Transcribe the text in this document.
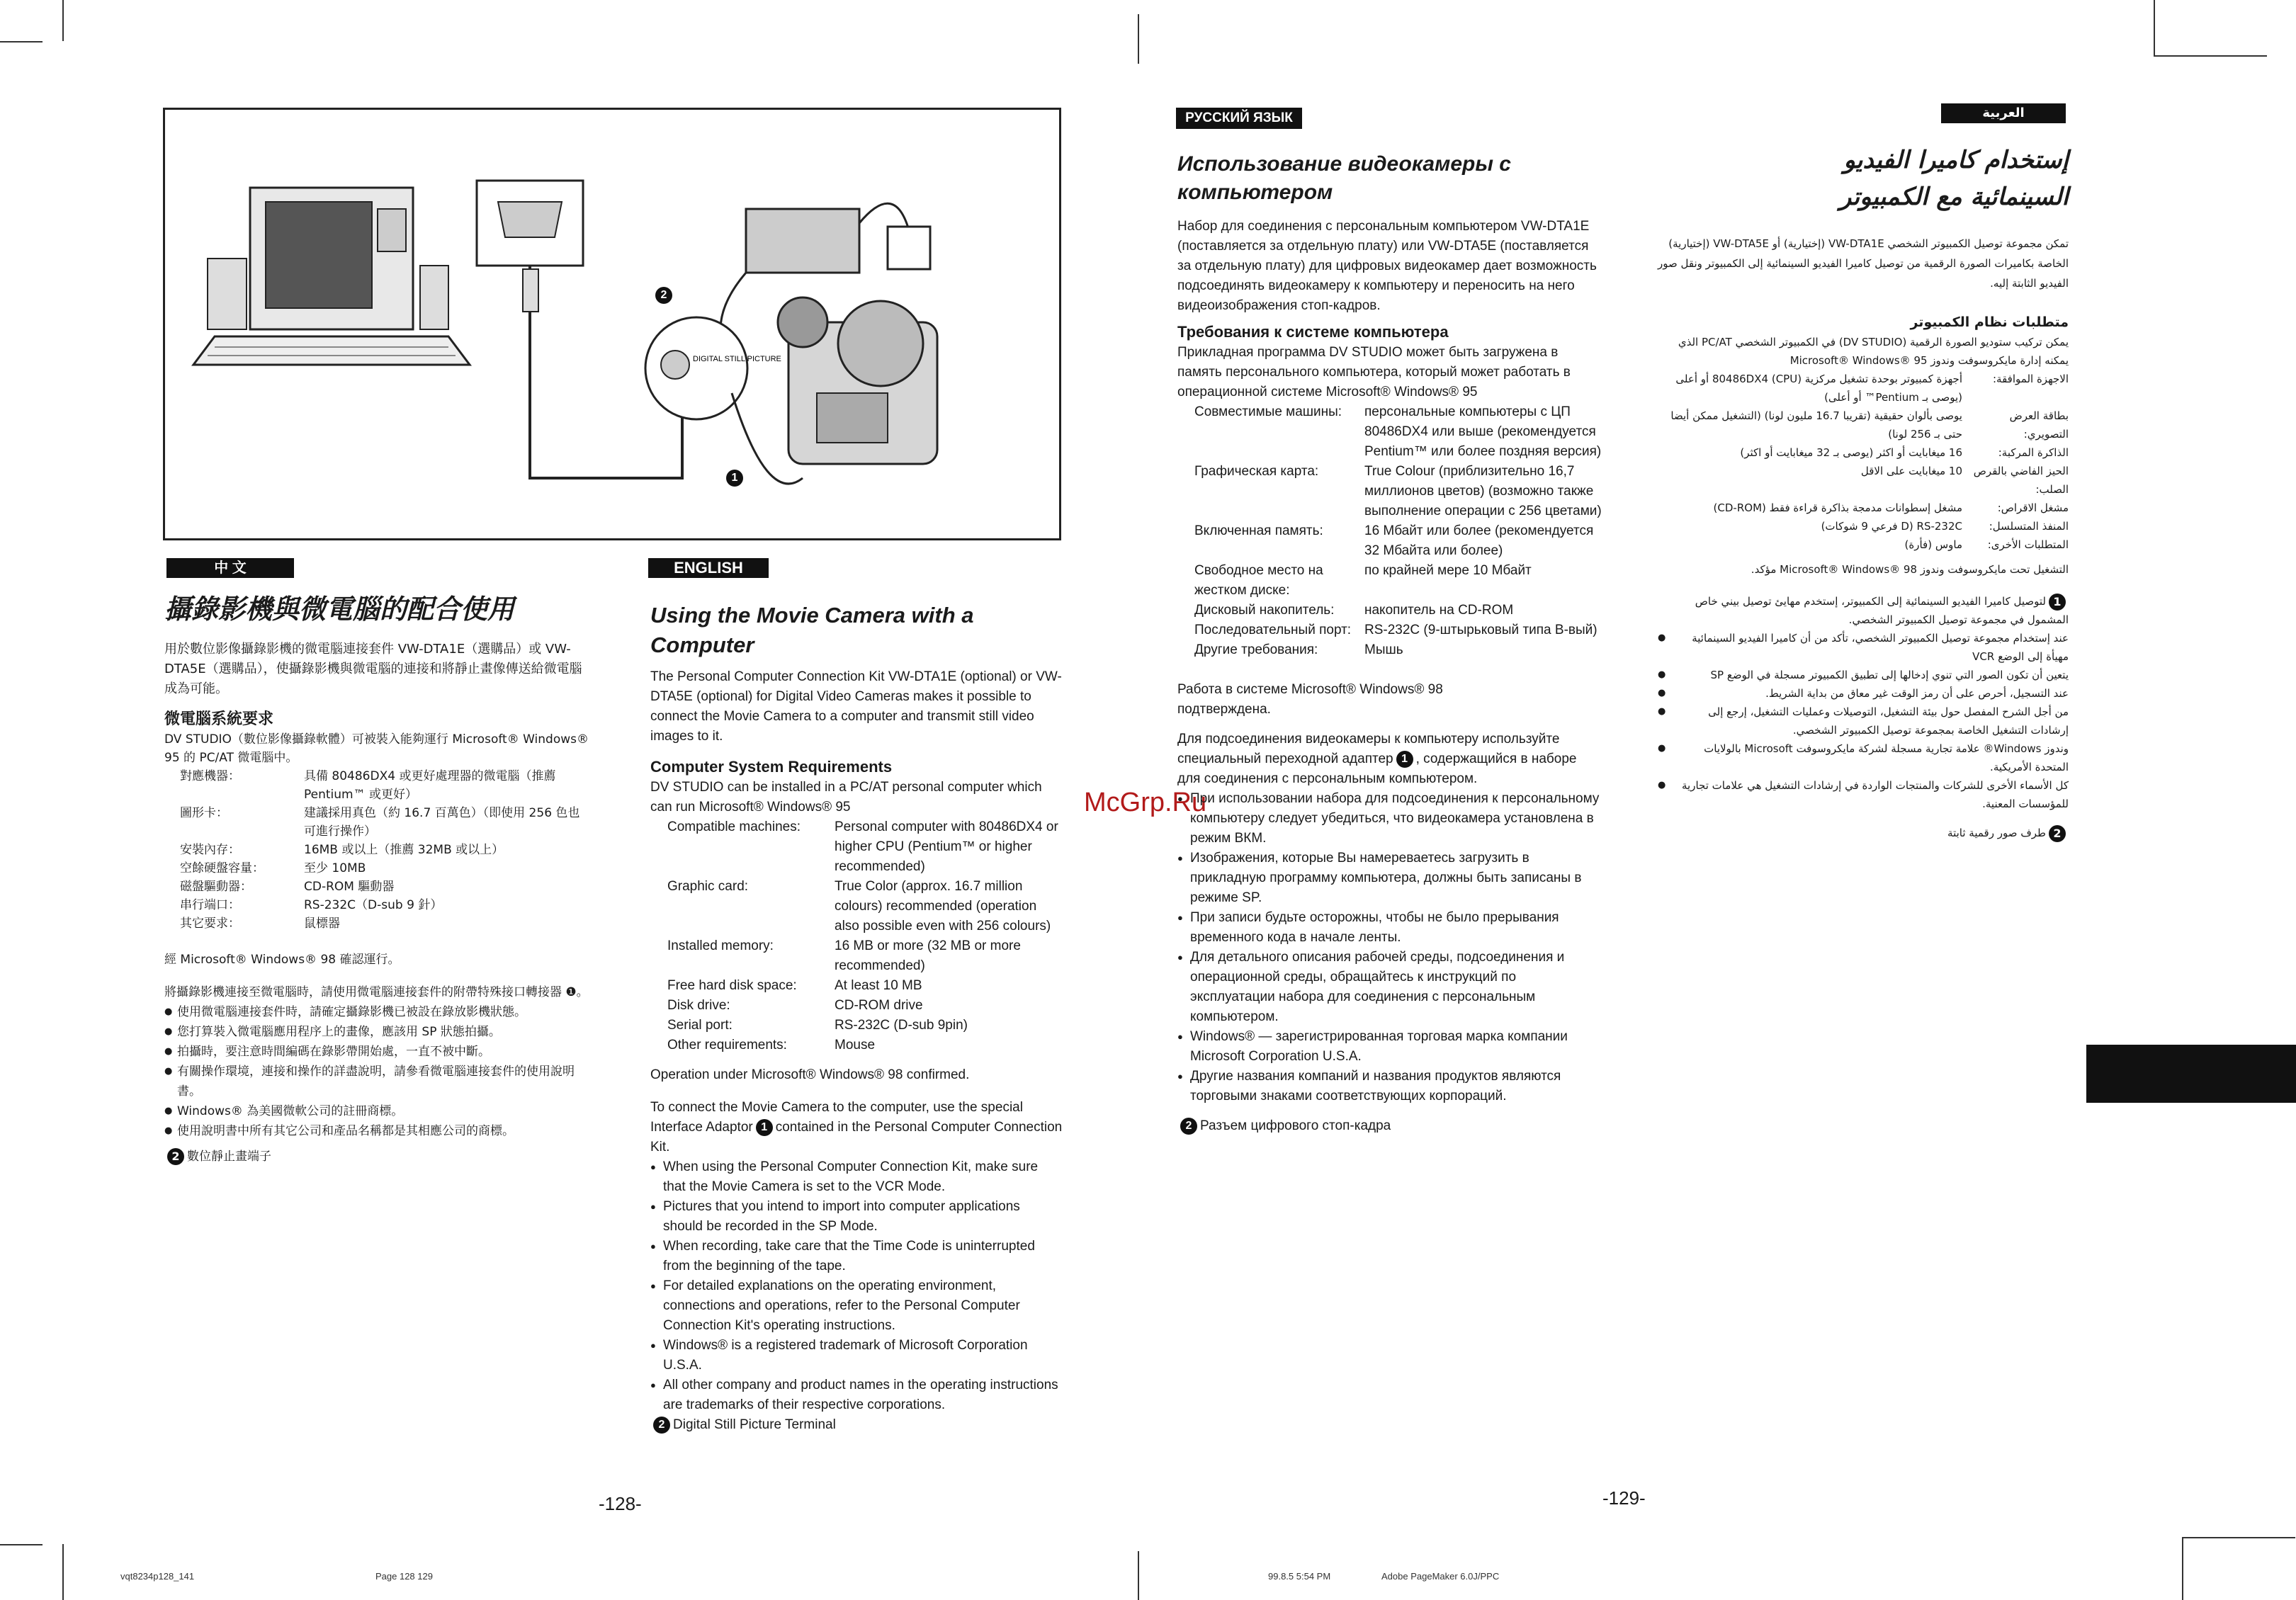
DIGITAL STILL PICTURE
1
2
McGrp.Ru
中 文
攝錄影機與微電腦的配合使用

用於數位影像攝錄影機的微電腦連接套件 VW-DTA1E（選購品）或 VW-DTA5E（選購品），使攝錄影機與微電腦的連接和將靜止畫像傳送給微電腦成為可能。

微電腦系統要求

DV STUDIO（數位影像攝錄軟體）可被裝入能夠運行 Microsoft® Windows® 95 的 PC/AT 微電腦中。

對應機器：	具備 80486DX4 或更好處理器的微電腦（推薦 Pentium™ 或更好）
圖形卡：	建議採用真色（約 16.7 百萬色）（即使用 256 色也可進行操作）
安裝內存：	16MB 或以上（推薦 32MB 或以上）
空餘硬盤容量：	至少 10MB
磁盤驅動器：	CD-ROM 驅動器
串行端口：	RS-232C（D-sub 9 針）
其它要求：	鼠標器

經 Microsoft® Windows® 98 確認運行。

將攝錄影機連接至微電腦時，請使用微電腦連接套件的附帶特殊接口轉接器 ❶。

● 使用微電腦連接套件時，請確定攝錄影機已被設在錄放影機狀態。
● 您打算裝入微電腦應用程序上的畫像，應該用 SP 狀態拍攝。
● 拍攝時，要注意時間編碼在錄影帶開始處，一直不被中斷。
● 有關操作環境，連接和操作的詳盡說明，請參看微電腦連接套件的使用說明書。
● Windows® 為美國微軟公司的註冊商標。
● 使用說明書中所有其它公司和產品名稱都是其相應公司的商標。

2 數位靜止畫端子

ENGLISH
Using the Movie Camera with a Computer

The Personal Computer Connection Kit VW-DTA1E (optional) or VW-DTA5E (optional) for Digital Video Cameras makes it possible to connect the Movie Camera to a computer and transmit still video images to it.

Computer System Requirements

DV STUDIO can be installed in a PC/AT personal computer which can run Microsoft® Windows® 95

Compatible machines:	Personal computer with 80486DX4 or higher CPU (Pentium™ or higher recommended)
Graphic card:	True Color (approx. 16.7 million colours) recommended (operation also possible even with 256 colours)
Installed memory:	16 MB or more (32 MB or more recommended)
Free hard disk space:	At least 10 MB
Disk drive:	CD-ROM drive
Serial port:	RS-232C (D-sub 9pin)
Other requirements:	Mouse

Operation under Microsoft® Windows® 98 confirmed.

To connect the Movie Camera to the computer, use the special Interface Adaptor 1 contained in the Personal Computer Connection Kit.

● When using the Personal Computer Connection Kit, make sure that the Movie Camera is set to the VCR Mode.
● Pictures that you intend to import into computer applications should be recorded in the SP Mode.
● When recording, take care that the Time Code is uninterrupted from the beginning of the tape.
● For detailed explanations on the operating environment, connections and operations, refer to the Personal Computer Connection Kit's operating instructions.
● Windows® is a registered trademark of Microsoft Corporation U.S.A.
● All other company and product names in the operating instructions are trademarks of their respective corporations.

2 Digital Still Picture Terminal

-128-
РУССКИЙ ЯЗЫК
Использование видеокамеры с компьютером

Набор для соединения с персональным компьютером VW-DTA1E (поставляется за отдельную плату) или VW-DTA5E (поставляется за отдельную плату) для цифровых видеокамер дает возможность подсоединять видеокамеру к компьютеру и переносить на него видеоизображения стоп-кадров.

Требования к системе компьютера

Прикладная программа DV STUDIO может быть загружена в память персонального компьютера, который может работать в операционной системе Microsoft® Windows® 95

Совместимые машины:	персональные компьютеры с ЦП 80486DX4 или выше (рекомендуется Pentium™ или более поздняя версия)
Графическая карта:	True Colour (приблизительно 16,7 миллионов цветов) (возможно также выполнение операции с 256 цветами)
Включенная память:	16 Мбайт или более (рекомендуется 32 Мбайта или более)
Свободное место на жестком диске:	по крайней мере 10 Мбайт
Дисковый накопитель:	накопитель на CD-ROM
Последовательный порт:	RS-232C (9-штырьковый типа B-вый)
Другие требования:	Мышь

Работа в системе Microsoft® Windows® 98 подтверждена.

Для подсоединения видеокамеры к компьютеру используйте специальный переходной адаптер 1 , содержащийся в наборе для соединения с персональным компьютером.

● При использовании набора для подсоединения к персональному компьютеру следует убедиться, что видеокамера установлена в режим ВКМ.
● Изображения, которые Вы намереваетесь загрузить в прикладную программу компьютера, должны быть записаны в режиме SP.
● При записи будьте осторожны, чтобы не было прерывания временного кода в начале ленты.
● Для детального описания рабочей среды, подсоединения и операционной среды, обращайтесь к инструкций по эксплуатации набора для соединения с персональным компьютером.
● Windows® — зарегистрированная торговая марка компании Microsoft Corporation U.S.A.
● Другие названия компаний и названия продуктов являются торговыми знаками соответствующих корпораций.

2 Разъем цифрового стоп-кадра

-129-
العربية
إستخدام كاميرا الفيديو السينمائية مع الكمبيوتر

تمكن مجموعة توصيل الكمبيوتر الشخصي VW-DTA1E (إختيارية) أو VW-DTA5E (إختيارية) الخاصة بكاميرات الصورة الرقمية من توصيل كاميرا الفيديو السينمائية إلى الكمبيوتر ونقل صور الفيديو الثابتة إليه.

متطلبات نظام الكمبيوتر

يمكن تركيب ستوديو الصورة الرقمية (DV STUDIO) في الكمبيوتر الشخصي PC/AT الذي يمكنه إدارة مايكروسوفت وندوز Microsoft® Windows® 95

الاجهزة الموافقة:	أجهزة كمبيوتر بوحدة تشغيل مركزية (CPU) 80486DX4 أو أعلى (يوصى بـ Pentium™ أو أعلى)
بطاقة العرض التصويري:	يوصى بألوان حقيقية (تقريبا 16.7 مليون لونا) (التشغيل ممكن أيضا حتى بـ 256 لونا)
الذاكرة المركبة:	16 ميغابايت أو اكثر (يوصى بـ 32 ميغابايت أو اكثر)
الحيز الفاضي بالقرص الصلب:	10 ميغابايت على الاقل
مشغل الاقراص:	مشغل إسطوانات مدمجة بذاكرة قراءة فقط (CD-ROM)
المنفذ المتسلسل:	RS-232C (D فرعي 9 شوكات)
المتطلبات الأخرى:	ماوس (فأرة)

التشغيل تحت مايكروسوفت وندوز Microsoft® Windows® 98 مؤكد.

1لتوصيل كاميرا الفيديو السينمائية إلى الكمبيوتر، إستخدم مهايئ توصيل بيني خاص المشمول في مجموعة توصيل الكمبيوتر الشخصي.

● عند إستخدام مجموعة توصيل الكمبيوتر الشخصي، تأكد من أن كاميرا الفيديو السينمائية مهيأة إلى الوضع VCR
● يتعين أن تكون الصور التي تنوي إدخالها إلى تطبيق الكمبيوتر مسجلة في الوضع SP
● عند التسجيل، أحرص على أن رمز الوقت غير معاق من بداية الشريط.
● من أجل الشرح المفصل حول بيئة التشغيل، التوصيلات وعمليات التشغيل، إرجع إلى إرشادات التشغيل الخاصة بمجموعة توصيل الكمبيوتر الشخصي.
● وندوز Windows® علامة تجارية مسجلة لشركة مايكروسوفت Microsoft بالولايات المتحدة الأمريكية.
● كل الأسماء الأخرى للشركات والمنتجات الواردة في إرشادات التشغيل هي علامات تجارية للمؤسسات المعنية.

2طرف صور رقمية ثابتة

vqt8234p128_141	Page 128 129	99.8.5 5:54 PM	Adobe PageMaker 6.0J/PPC
